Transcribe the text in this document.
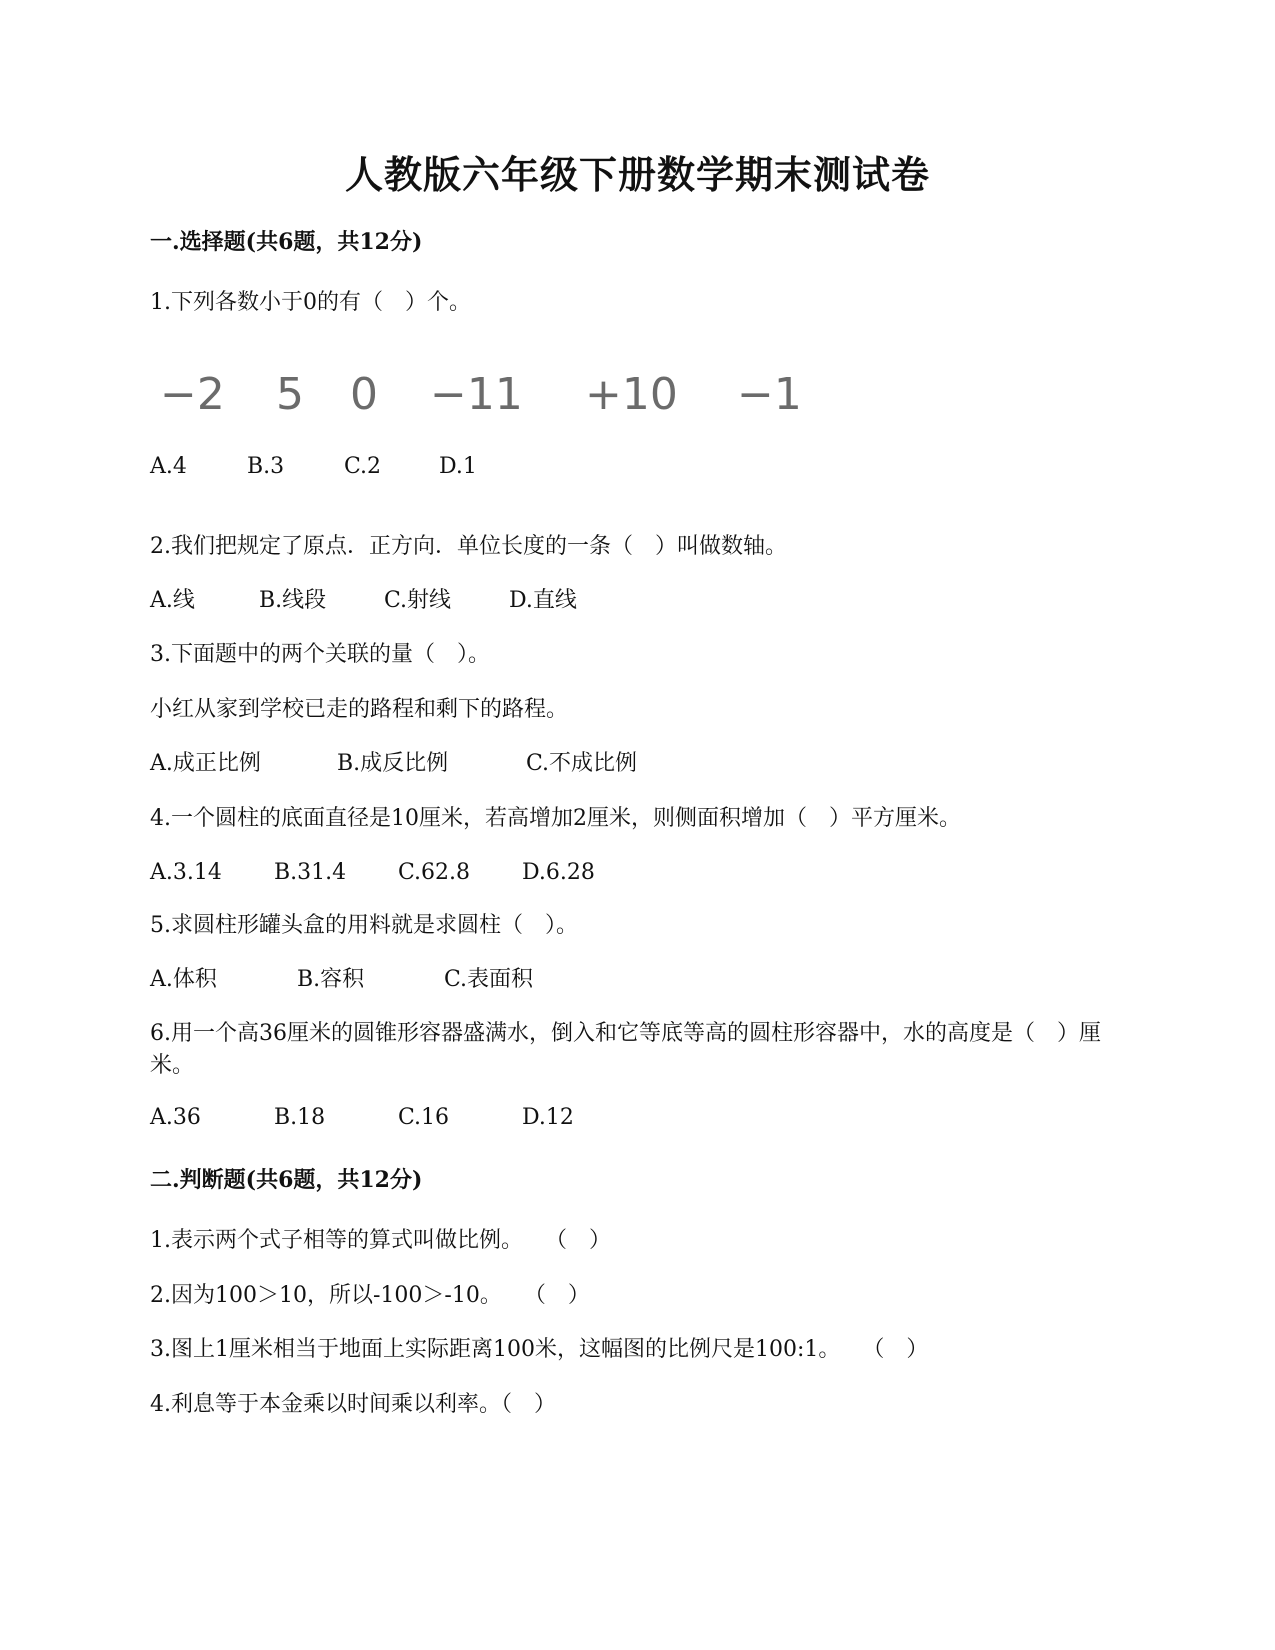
人教版六年级下册数学期末测试卷
一.选择题(共6题，共12分)
1.下列各数小于0的有（　）个。
−2 5 0 −11 +10 −1
A.4	B.3	C.2	D.1
2.我们把规定了原点．正方向．单位长度的一条（　）叫做数轴。
A.线	B.线段	C.射线	D.直线
3.下面题中的两个关联的量（　）。
小红从家到学校已走的路程和剩下的路程。
A.成正比例	B.成反比例	C.不成比例
4.一个圆柱的底面直径是10厘米，若高增加2厘米，则侧面积增加（　）平方厘米。
A.3.14 B.31.4 C.62.8 D.6.28
5.求圆柱形罐头盒的用料就是求圆柱（　）。
A.体积	B.容积	C.表面积
6.用一个高36厘米的圆锥形容器盛满水，倒入和它等底等高的圆柱形容器中，水的高度是（　）厘米。
A.36	B.18	C.16	D.12
二.判断题(共6题，共12分)
1.表示两个式子相等的算式叫做比例。　　（　）
2.因为100＞10，所以-100＞-10。　　（　）
3.图上1厘米相当于地面上实际距离100米，这幅图的比例尺是100:1。　　（　）
4.利息等于本金乘以时间乘以利率。（　）
